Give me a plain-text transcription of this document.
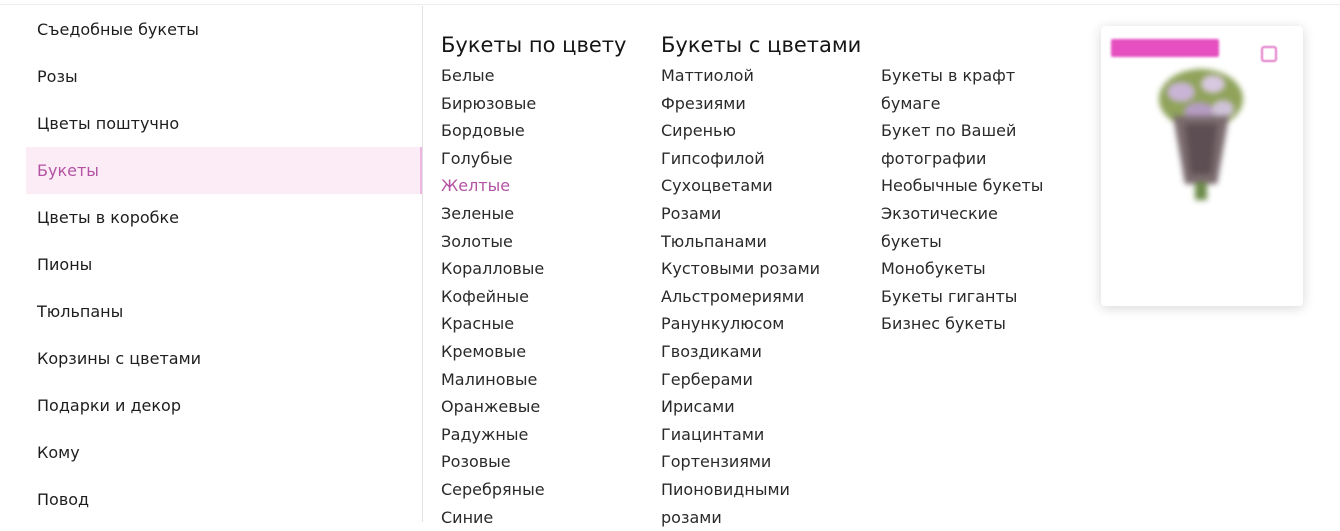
Съедобные букеты
Розы
Цветы поштучно
Букеты
Цветы в коробке
Пионы
Тюльпаны
Корзины с цветами
Подарки и декор
Кому
Повод
Букеты по цвету
Белые
Бирюзовые
Бордовые
Голубые
Желтые
Зеленые
Золотые
Коралловые
Кофейные
Красные
Кремовые
Малиновые
Оранжевые
Радужные
Розовые
Серебряные
Синие
Букеты с цветами
Маттиолой
Фрезиями
Сиренью
Гипсофилой
Сухоцветами
Розами
Тюльпанами
Кустовыми розами
Альстромериями
Ранункулюсом
Гвоздиками
Герберами
Ирисами
Гиацинтами
Гортензиями
Пионовидными
розами
Букеты в крафт
бумаге
Букет по Вашей
фотографии
Необычные букеты
Экзотические
букеты
Монобукеты
Букеты гиганты
Бизнес букеты
